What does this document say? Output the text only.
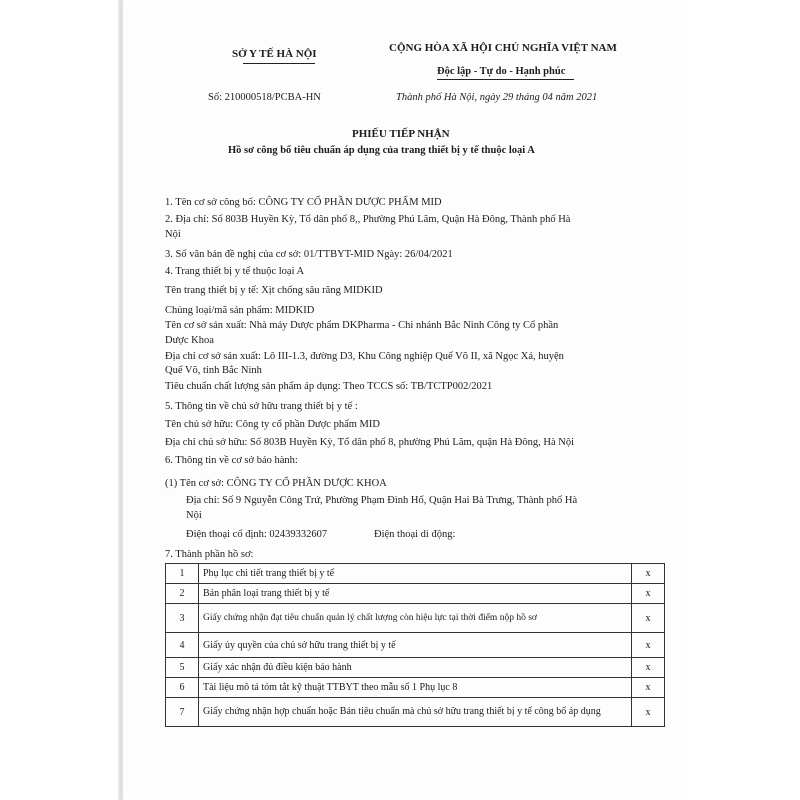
SỞ Y TẾ HÀ NỘI	CỘNG HÒA XÃ HỘI CHỦ NGHĨA VIỆT NAM
Độc lập - Tự do - Hạnh phúc
Số: 210000518/PCBA-HN	Thành phố Hà Nội, ngày 29 tháng 04 năm 2021
PHIẾU TIẾP NHẬN
Hồ sơ công bố tiêu chuẩn áp dụng của trang thiết bị y tế thuộc loại A
1. Tên cơ sở công bố: CÔNG TY CỔ PHẦN DƯỢC PHẨM MID
2. Địa chỉ: Số 803B Huyền Kỳ, Tổ dân phố 8,, Phường Phú Lãm, Quận Hà Đông, Thành phố Hà
Nội
3. Số văn bản đề nghị của cơ sở: 01/TTBYT-MID Ngày: 26/04/2021
4. Trang thiết bị y tế thuộc loại A
Tên trang thiết bị y tế: Xịt chống sâu răng MIDKID
Chủng loại/mã sản phẩm: MIDKID
Tên cơ sở sản xuất: Nhà máy Dược phẩm DKPharma - Chi nhánh Bắc Ninh Công ty Cổ phần
Dược Khoa
Địa chỉ cơ sở sản xuất: Lô III-1.3, đường D3, Khu Công nghiệp Quế Võ II, xã Ngọc Xá, huyện
Quế Võ, tỉnh Bắc Ninh
Tiêu chuẩn chất lượng sản phẩm áp dụng: Theo TCCS số: TB/TCTP002/2021
5. Thông tin về chủ sở hữu trang thiết bị y tế :
Tên chủ sở hữu: Công ty cổ phần Dược phẩm MID
Địa chỉ chủ sở hữu: Số 803B Huyền Kỳ, Tổ dân phố 8, phường Phú Lãm, quận Hà Đông, Hà Nội
6. Thông tin về cơ sở bảo hành:
(1) Tên cơ sở: CÔNG TY CỔ PHẦN DƯỢC KHOA
Địa chỉ: Số 9 Nguyễn Công Trứ, Phường Phạm Đình Hổ, Quận Hai Bà Trưng, Thành phố Hà
Nội
Điện thoại cố định: 02439332607	Điện thoại di động:
7. Thành phần hồ sơ:
1	Phụ lục chi tiết trang thiết bị y tế	x
2	Bản phân loại trang thiết bị y tế	x
3	Giấy chứng nhận đạt tiêu chuẩn quản lý chất lượng còn hiệu lực tại thời điểm nộp hồ sơ	x
4	Giấy ủy quyền của chủ sở hữu trang thiết bị y tế	x
5	Giấy xác nhận đủ điều kiện bảo hành	x
6	Tài liệu mô tả tóm tắt kỹ thuật TTBYT theo mẫu số 1 Phụ lục 8	x
7	Giấy chứng nhận hợp chuẩn hoặc Bản tiêu chuẩn mà chủ sở hữu trang thiết bị y tế công bố áp dụng	x
